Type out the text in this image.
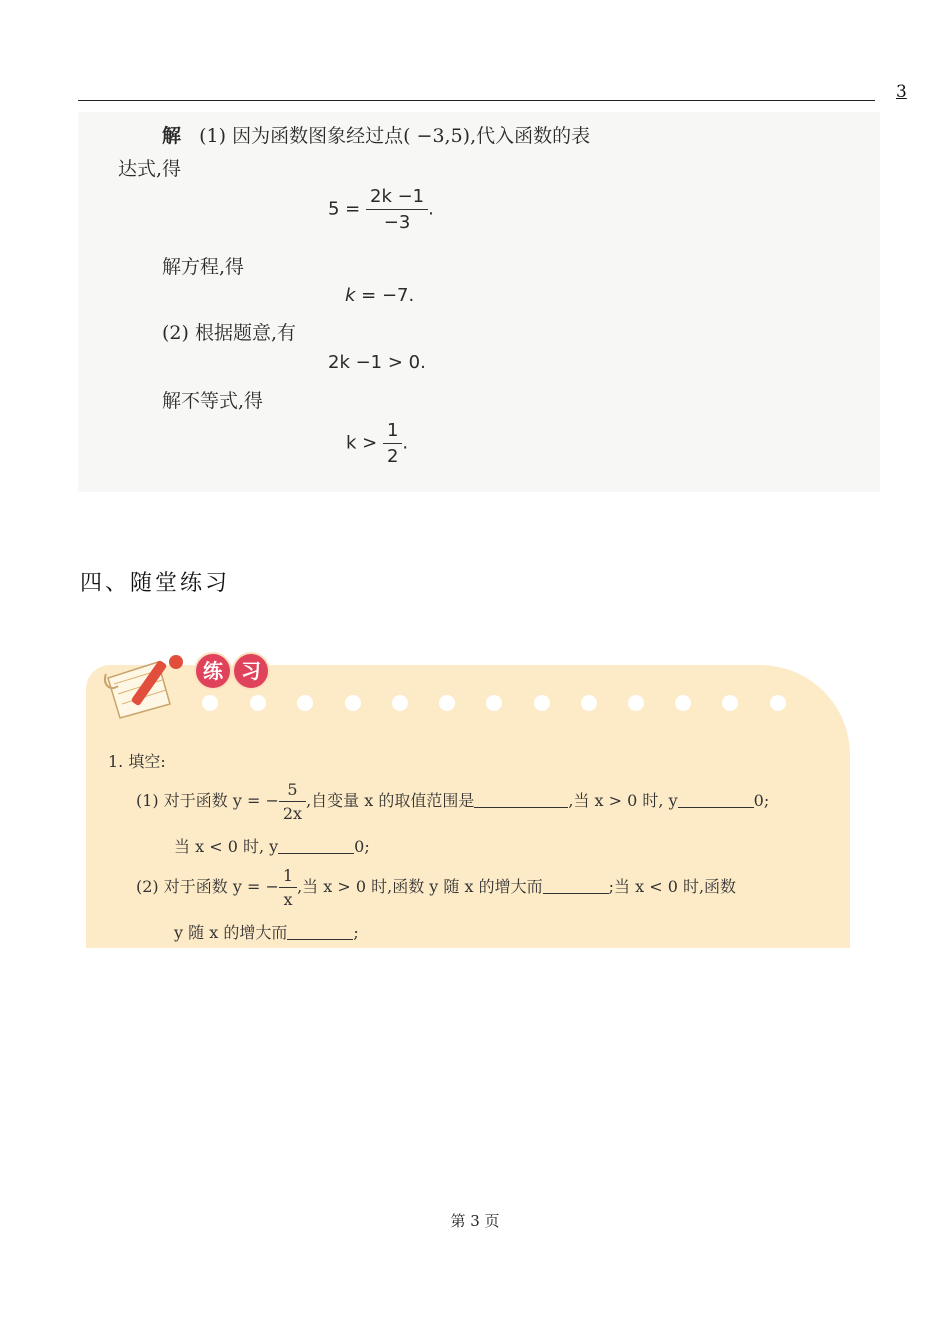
3
解 (1) 因为函数图象经过点( −3,5),代入函数的表
达式,得
$5 = \frac{2k -1}{-3}$ .
解方程,得
k = −7.
(2) 根据题意,有
2k −1 > 0.
解不等式,得
$k > \frac{1}{2}$ .
四、随堂练习
练 习
1. 填空:
(1) 对于函数 y = − $\frac{5}{2x}$ ,自变量 x 的取值范围是	,当 x > 0 时, y	0;
当 x < 0 时, y	0;
(2) 对于函数 y = − $\frac{1}{x}$ ,当 x > 0 时,函数 y 随 x 的增大而	;当 x < 0 时,函数
y 随 x 的增大而	;
第 3 页
